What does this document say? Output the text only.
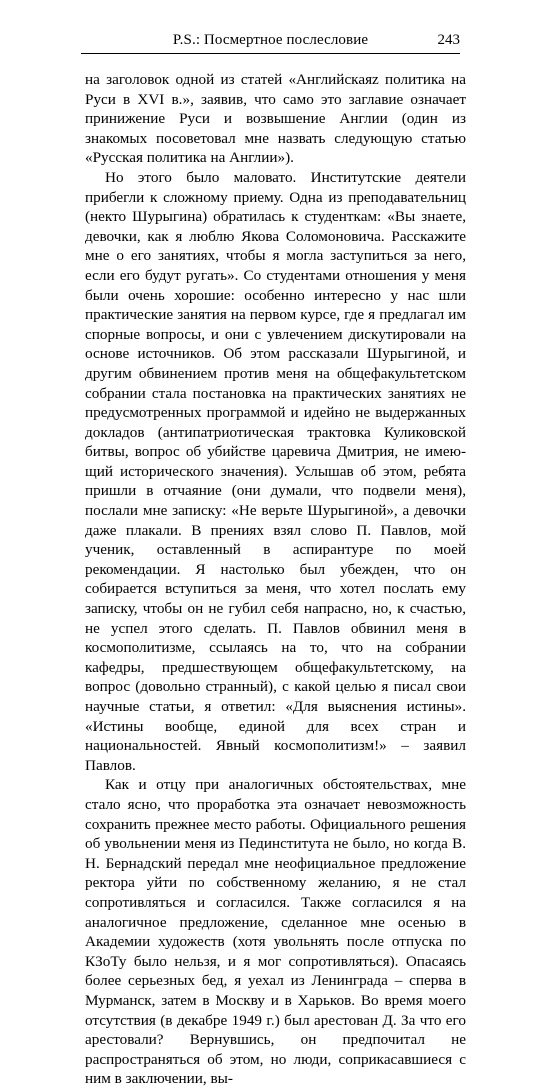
P.S.: Посмертное послесловие	243

на заголовок одной из статей «Английскаяz политика на Руси в XVI в.», заявив, что само это заглавие означает принижение Руси и возвышение Англии (один из знакомых посоветовал мне назвать следующую статью «Русская политика на Англии»).

Но этого было маловато. Институтские деятели прибегли к сложному приему. Одна из преподавательниц (некто Шурыгина) обратилась к студенткам: «Вы знаете, девочки, как я люблю Якова Соломоновича. Расскажите мне о его занятиях, чтобы я могла заступиться за него, если его будут ругать». Со студентами отношения у меня были очень хорошие: особенно интересно у нас шли практические занятия на первом курсе, где я предлагал им спорные вопросы, и они с увлечением дискутировали на основе источников. Об этом рассказали Шурыгиной, и другим обвинением против меня на общефакультетском собрании стала постановка на практических занятиях не предусмотренных программой и идейно не выдержанных докладов (антипатриотическая трактовка Куликовской битвы, вопрос об убийстве царевича Дмитрия, не имеющий исторического значения). Услышав об этом, ребята пришли в отчаяние (они думали, что подвели меня), послали мне записку: «Не верьте Шурыгиной», а девочки даже плакали. В прениях взял слово П. Павлов, мой ученик, оставленный в аспирантуре по моей рекомендации. Я настолько был убежден, что он собирается вступиться за меня, что хотел послать ему записку, чтобы он не губил себя напрасно, но, к счастью, не успел этого сделать. П. Павлов обвинил меня в космополитизме, ссылаясь на то, что на собрании кафедры, предшествующем общефакультетскому, на вопрос (довольно странный), с какой целью я писал свои научные статьи, я ответил: «Для выяснения истины». «Истины вообще, единой для всех стран и национальностей. Явный космополитизм!» – заявил Павлов.

Как и отцу при аналогичных обстоятельствах, мне стало ясно, что проработка эта означает невозможность сохранить прежнее место работы. Официального решения об увольнении меня из Пединститута не было, но когда В. Н. Бернадский передал мне неофициальное предложение ректора уйти по собственному желанию, я не стал сопротивляться и согласился. Также согласился я на аналогичное предложение, сделанное мне осенью в Академии художеств (хотя увольнять после отпуска по КЗоТу было нельзя, и я мог сопротивляться). Опасаясь более серьезных бед, я уехал из Ленинграда – сперва в Мурманск, затем в Москву и в Харьков. Во время моего отсутствия (в декабре 1949 г.) был арестован Д. За что его арестовали? Вернувшись, он предпочитал не распространяться об этом, но люди, соприкасавшиеся с ним в заключении, вы-
